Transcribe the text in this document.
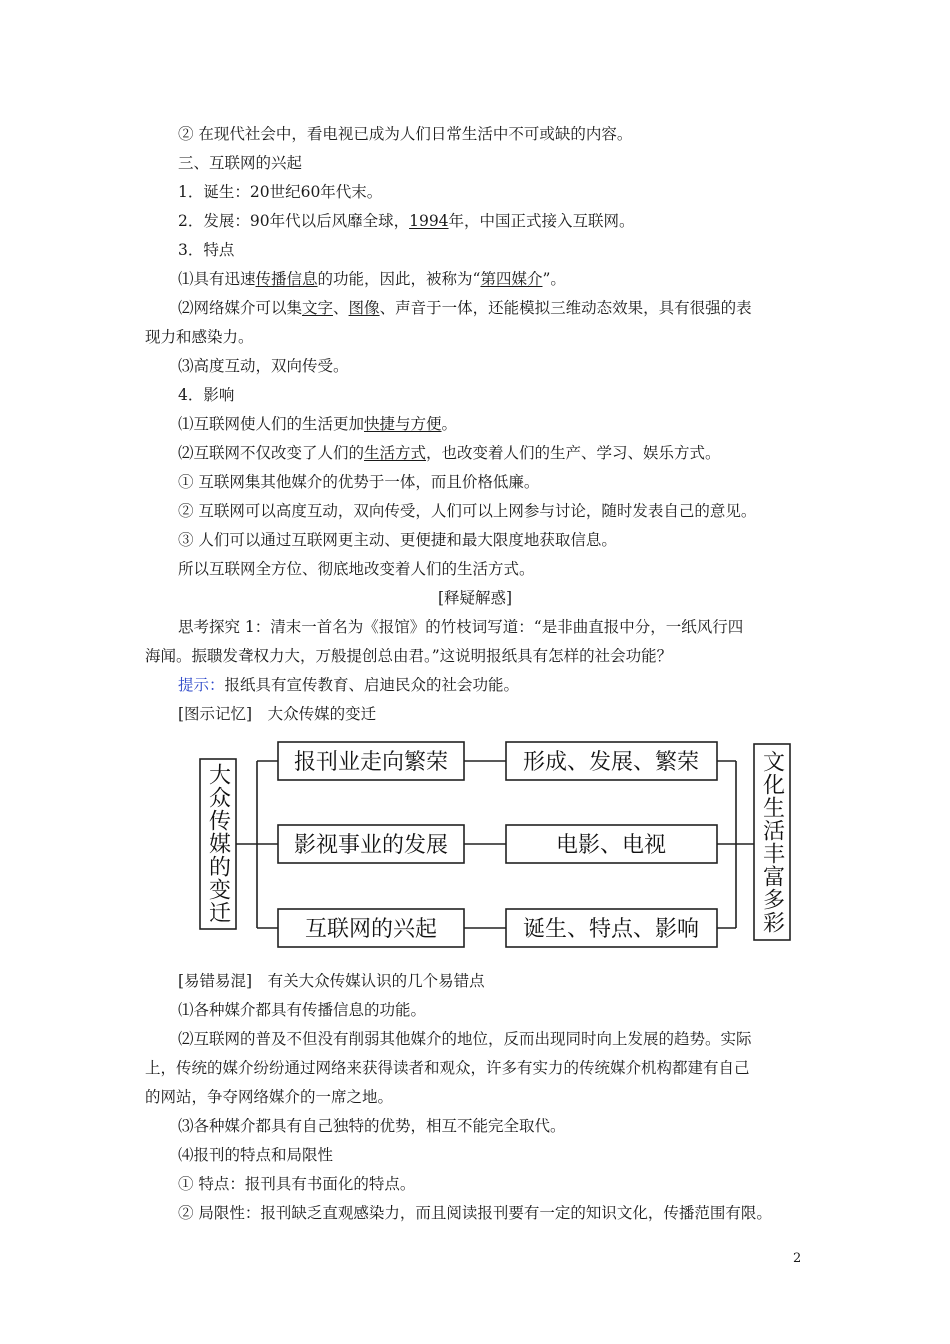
② 在现代社会中，看电视已成为人们日常生活中不可或缺的内容。
三、互联网的兴起
1．诞生：20世纪60年代末。
2．发展：90年代以后风靡全球，1994年，中国正式接入互联网。
3．特点
⑴具有迅速传播信息的功能，因此，被称为“第四媒介”。
⑵网络媒介可以集文字、图像、声音于一体，还能模拟三维动态效果，具有很强的表
现力和感染力。
⑶高度互动，双向传受。
4．影响
⑴互联网使人们的生活更加快捷与方便。
⑵互联网不仅改变了人们的生活方式，也改变着人们的生产、学习、娱乐方式。
① 互联网集其他媒介的优势于一体，而且价格低廉。
② 互联网可以高度互动，双向传受，人们可以上网参与讨论，随时发表自己的意见。
③ 人们可以通过互联网更主动、更便捷和最大限度地获取信息。
所以互联网全方位、彻底地改变着人们的生活方式。
[释疑解惑]
思考探究 1：清末一首名为《报馆》的竹枝词写道：“是非曲直报中分，一纸风行四
海闻。振聩发聋权力大，万般提创总由君。”这说明报纸具有怎样的社会功能？
提示：报纸具有宣传教育、启迪民众的社会功能。
[图示记忆]　大众传媒的变迁
报刊业走向繁荣
影视事业的发展
互联网的兴起
形成、发展、繁荣
电影、电视
诞生、特点、影响
大众传媒的变迁	文化生活丰富多彩
[易错易混]　有关大众传媒认识的几个易错点
⑴各种媒介都具有传播信息的功能。
⑵互联网的普及不但没有削弱其他媒介的地位，反而出现同时向上发展的趋势。实际
上，传统的媒介纷纷通过网络来获得读者和观众，许多有实力的传统媒介机构都建有自己
的网站，争夺网络媒介的一席之地。
⑶各种媒介都具有自己独特的优势，相互不能完全取代。
⑷报刊的特点和局限性
① 特点：报刊具有书面化的特点。
② 局限性：报刊缺乏直观感染力，而且阅读报刊要有一定的知识文化，传播范围有限。
2
